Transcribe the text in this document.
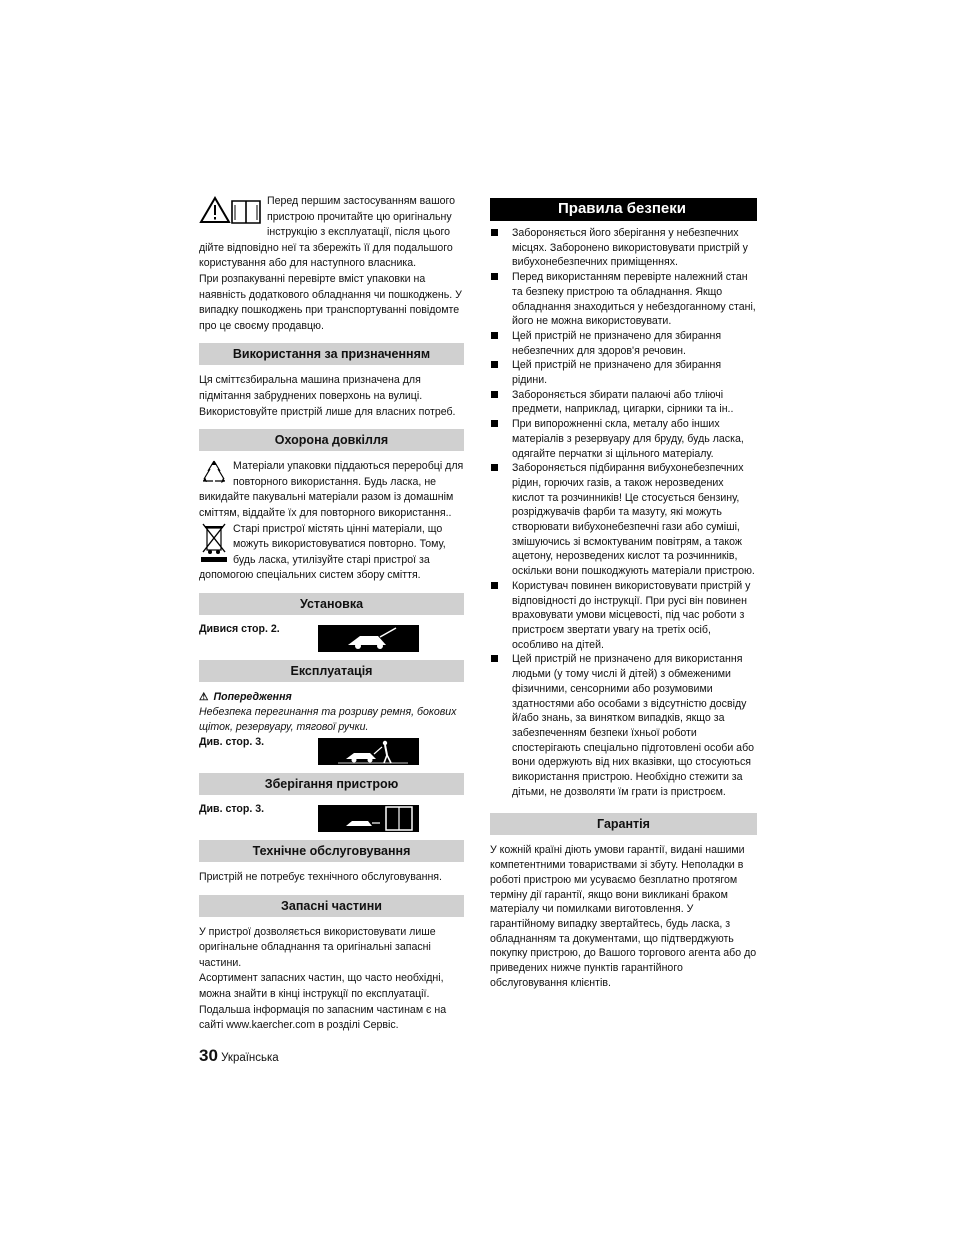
Перед першим застосуванням вашого пристрою прочитайте цю оригінальну інструкцію з експлуатації, після цього дійте відповідно неї та збережіть її для подальшого користування або для наступного власника.

При розпакуванні перевірте вміст упаковки на наявність додаткового обладнання чи пошкоджень. У випадку пошкоджень при транспортуванні повідомте про це своєму продавцю.

Використання за призначенням

Ця сміттєзбиральна машина призначена для підмітання забруднених поверхонь на вулиці. Використовуйте пристрій лише для власних потреб.

Охорона довкілля

Матеріали упаковки піддаються переробці для повторного використання. Будь ласка, не викидайте пакувальні матеріали разом із домашнім сміттям, віддайте їх для повторного використання..

Старі пристрої містять цінні матеріали, що можуть використовуватися повторно. Тому, будь ласка, утилізуйте старі пристрої за допомогою спеціальних систем збору сміття.

Установка
Дивися стор. 2.
Експлуатація
⚠ Попередження

Небезпека перегинання та розриву ремня, бокових щіток, резервуару, тягової ручки.

Див. стор. 3.
Зберігання пристрою
Див. стор. 3.
Технічне обслуговування

Пристрій не потребує технічного обслуговування.

Запасні частини

У пристрої дозволяється використовувати лише оригінальне обладнання та оригінальні запасні частини.

Асортимент запасних частин, що часто необхідні, можна знайти в кінці інструкції по експлуатації. Подальша інформація по запасним частинам є на сайті www.kaercher.com в розділі Сервіс.

30 Українська
Правила безпеки
Забороняється його зберігання у небезпечних місцях. Заборонено використовувати пристрій у вибухонебезпечних приміщеннях.
Перед використанням перевірте належний стан та безпеку пристрою та обладнання. Якщо обладнання знаходиться у небездоганному стані, його не можна використовувати.
Цей пристрій не призначено для збирання небезпечних для здоров'я речовин.
Цей пристрій не призначено для збирання рідини.
Забороняється збирати палаючі або тліючі предмети, наприклад, цигарки, сірники та ін..
При випорожненні скла, металу або інших матеріалів з резервуару для бруду, будь ласка, одягайте перчатки зі щільного матеріалу.
Забороняється підбирання вибухонебезпечних рідин, горючих газів, а також нерозведених кислот та розчинників! Це стосується бензину, розріджувачів фарби та мазуту, які можуть створювати вибухонебезпечні гази або суміші, змішуючись зі всмоктуваним повітрям, а також ацетону, нерозведених кислот та розчинників, оскільки вони пошкоджують матеріали пристрою.
Користувач повинен використовувати пристрій у відповідності до інструкції. При русі він повинен враховувати умови місцевості, під час роботи з пристроєм звертати увагу на третіх осіб, особливо на дітей.
Цей пристрій не призначено для використання людьми (у тому числі й дітей) з обмеженими фізичними, сенсорними або розумовими здатностями або особами з відсутністю досвіду й/або знань, за винятком випадків, якщо за забезпеченням безпеки їхньої роботи спостерігають спеціально підготовлені особи або вони одержують від них вказівки, що стосуються використання пристрою. Необхідно стежити за дітьми, не дозволяти їм грати із пристроєм.
Гарантія

У кожній країні діють умови гарантії, видані нашими компетентними товариствами зі збуту. Неполадки в роботі пристрою ми усуваємо безплатно протягом терміну дії гарантії, якщо вони викликані браком матеріалу чи помилками виготовлення. У гарантійному випадку звертайтесь, будь ласка, з обладнанням та документами, що підтверджують покупку пристрою, до Вашого торгового агента або до приведених нижче пунктів гарантійного обслуговування клієнтів.
